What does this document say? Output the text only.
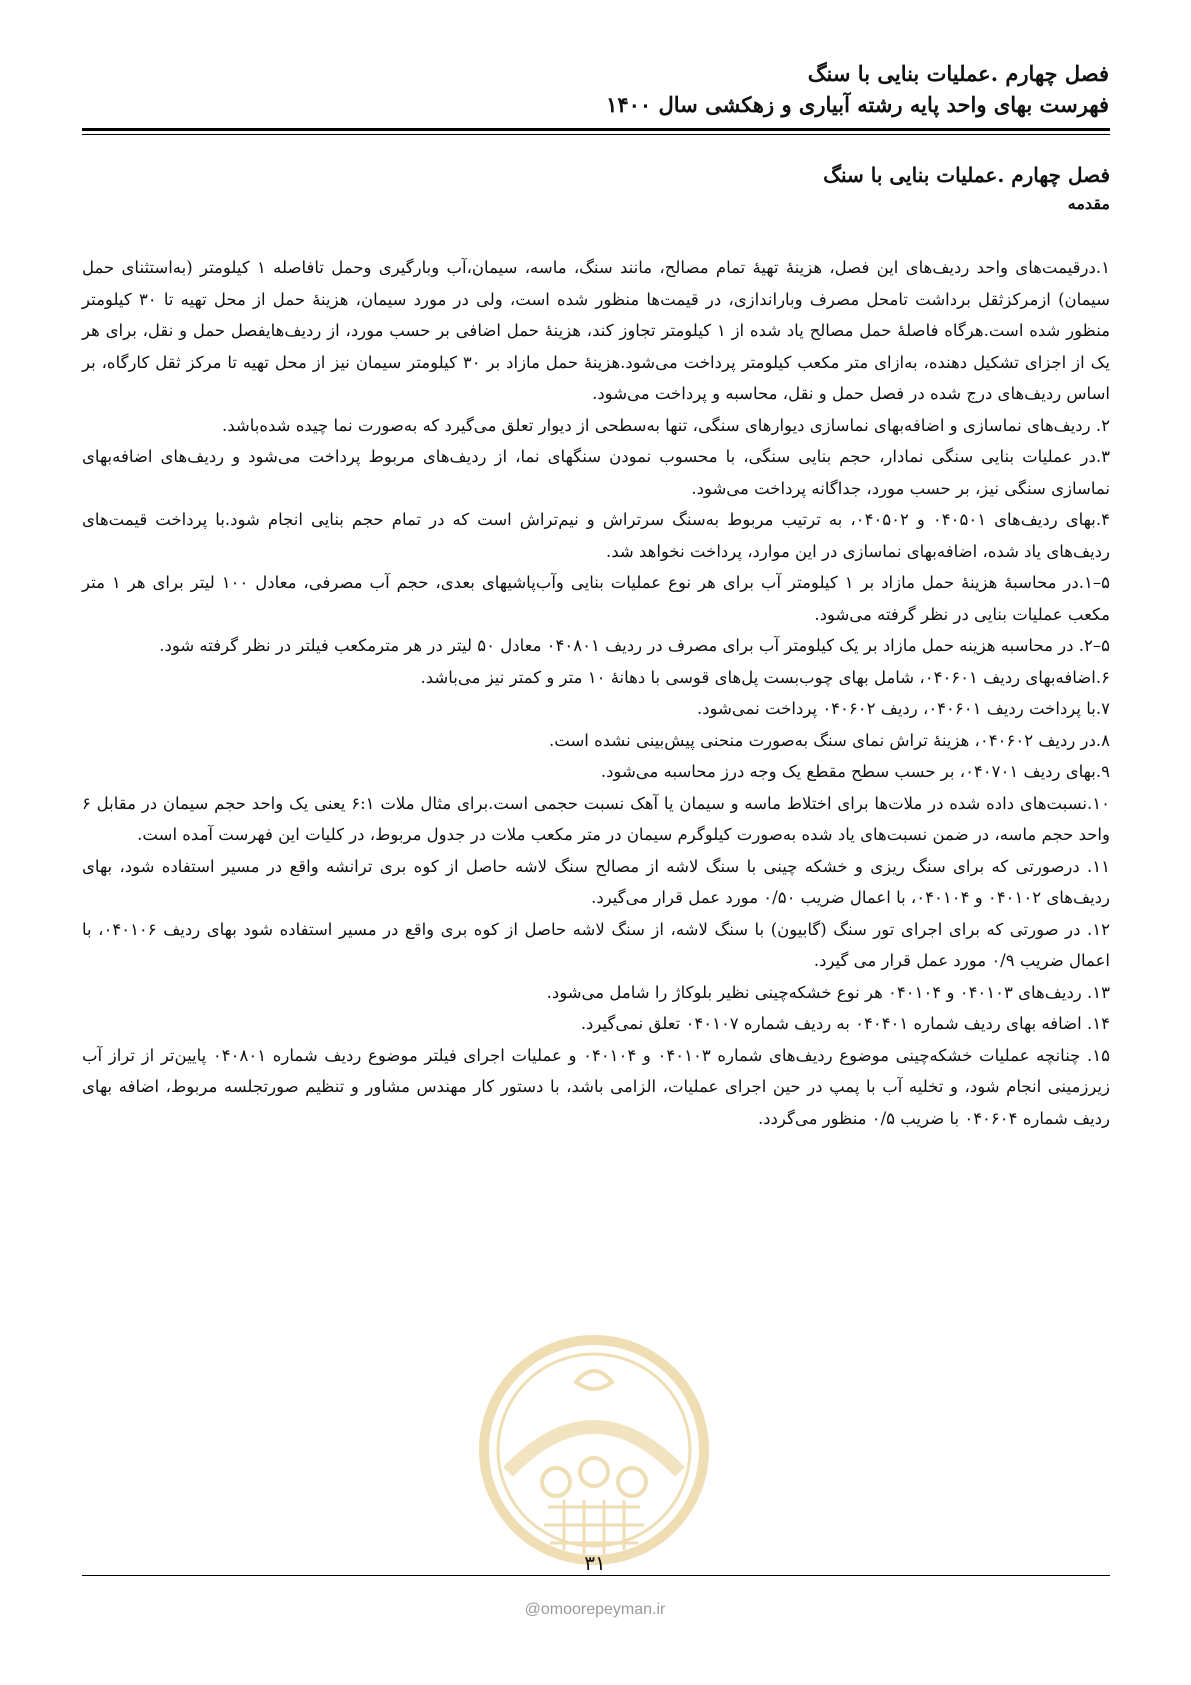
فصل چهارم .عملیات بنایی با سنگ
فهرست بهای واحد پایه رشته آبیاری و زهکشی سال ۱۴۰۰
فصل چهارم .عملیات بنایی با سنگ
مقدمه

۱.درقیمت‌های واحد ردیف‌های این فصل، هزینهٔ تهیهٔ تمام مصالح، مانند سنگ، ماسه، سیمان،آب وبارگیری وحمل تافاصله ۱ کیلومتر (به‌استثنای حمل سیمان) ازمرکزثقل برداشت تامحل مصرف وباراندازی، در قیمت‌ها منظور شده است، ولی در مورد سیمان، هزینهٔ حمل از محل تهیه تا ۳۰ کیلومتر منظور شده است.هرگاه فاصلهٔ حمل مصالح یاد شده از ۱ کیلومتر تجاوز کند، هزینهٔ حمل اضافی بر حسب مورد، از ردیف‌هایفصل حمل و نقل، برای هر یک از اجزای تشکیل دهنده، به‌ازای متر مکعب کیلومتر پرداخت می‌شود.هزینهٔ حمل مازاد بر ۳۰ کیلومتر سیمان نیز از محل تهیه تا مرکز ثقل کارگاه، بر اساس ردیف‌های درج شده در فصل حمل و نقل، محاسبه و پرداخت می‌شود.

۲. ردیف‌های نماسازی و اضافه‌بهای نماسازی دیوارهای سنگی، تنها به‌سطحی از دیوار تعلق می‌گیرد که به‌صورت نما چیده شده‌باشد.

۳.در عملیات بنایی سنگی نمادار، حجم بنایی سنگی، با محسوب نمودن سنگهای نما، از ردیف‌های مربوط پرداخت می‌شود و ردیف‌های اضافه‌بهای نماسازی سنگی نیز، بر حسب مورد، جداگانه پرداخت می‌شود.

۴.بهای ردیف‌های ۰۴۰۵۰۱ و ۰۴۰۵۰۲، به ترتیب مربوط به‌سنگ سرتراش و نیم‌تراش است که در تمام حجم بنایی انجام شود.با پرداخت قیمت‌های ردیف‌های یاد شده، اضافه‌بهای نماسازی در این موارد، پرداخت نخواهد شد.

۵–۱.در محاسبهٔ هزینهٔ حمل مازاد بر ۱ کیلومتر آب برای هر نوع عملیات بنایی وآب‌پاشیهای بعدی، حجم آب مصرفی، معادل ۱۰۰ لیتر برای هر ۱ متر مکعب عملیات بنایی در نظر گرفته می‌شود.

۵–۲. در محاسبه هزینه حمل مازاد بر یک کیلومتر آب برای مصرف در ردیف ۰۴۰۸۰۱ معادل ۵۰ لیتر در هر مترمکعب فیلتر در نظر گرفته شود.

۶.اضافه‌بهای ردیف ۰۴۰۶۰۱، شامل بهای چوب‌بست پل‌های قوسی با دهانهٔ ۱۰ متر و کمتر نیز می‌باشد.

۷.با پرداخت ردیف ۰۴۰۶۰۱، ردیف ۰۴۰۶۰۲ پرداخت نمی‌شود.

۸.در ردیف ۰۴۰۶۰۲، هزینهٔ تراش نمای سنگ به‌صورت منحنی پیش‌بینی نشده است.

۹.بهای ردیف ۰۴۰۷۰۱، بر حسب سطح مقطع یک وجه درز محاسبه می‌شود.

۱۰.نسبت‌های داده شده در ملات‌ها برای اختلاط ماسه و سیمان یا آهک نسبت حجمی است.برای مثال ملات ۶:۱ یعنی یک واحد حجم سیمان در مقابل ۶ واحد حجم ماسه، در ضمن نسبت‌های یاد شده به‌صورت کیلوگرم سیمان در متر مکعب ملات در جدول مربوط، در کلیات این فهرست آمده است.

۱۱. درصورتی که برای سنگ ریزی و خشکه چینی با سنگ لاشه از مصالح سنگ لاشه حاصل از کوه بری ترانشه واقع در مسیر استفاده شود، بهای ردیف‌های ۰۴۰۱۰۲ و ۰۴۰۱۰۴، با اعمال ضریب ۰/۵۰ مورد عمل قرار می‌گیرد.

۱۲. در صورتی که برای اجرای تور سنگ (گابیون) با سنگ لاشه، از سنگ لاشه حاصل از کوه بری واقع در مسیر استفاده شود بهای ردیف ۰۴۰۱۰۶، با اعمال ضریب ۰/۹ مورد عمل قرار می گیرد.

۱۳. ردیف‌های ۰۴۰۱۰۳ و ۰۴۰۱۰۴ هر نوع خشکه‌چینی نظیر بلوکاژ را شامل می‌شود.

۱۴. اضافه بهای ردیف شماره ۰۴۰۴۰۱ به ردیف شماره ۰۴۰۱۰۷ تعلق نمی‌گیرد.

۱۵. چنانچه عملیات خشکه‌چینی موضوع ردیف‌های شماره ۰۴۰۱۰۳ و ۰۴۰۱۰۴ و عملیات اجرای فیلتر موضوع ردیف شماره ۰۴۰۸۰۱ پایین‌تر از تراز آب زیرزمینی انجام شود، و تخلیه آب با پمپ در حین اجرای عملیات، الزامی باشد، با دستور کار مهندس مشاور و تنظیم صورتجلسه مربوط، اضافه بهای ردیف شماره ۰۴۰۶۰۴ با ضریب ۰/۵ منظور می‌گردد.

۳۱
@omoorepeyman.ir
